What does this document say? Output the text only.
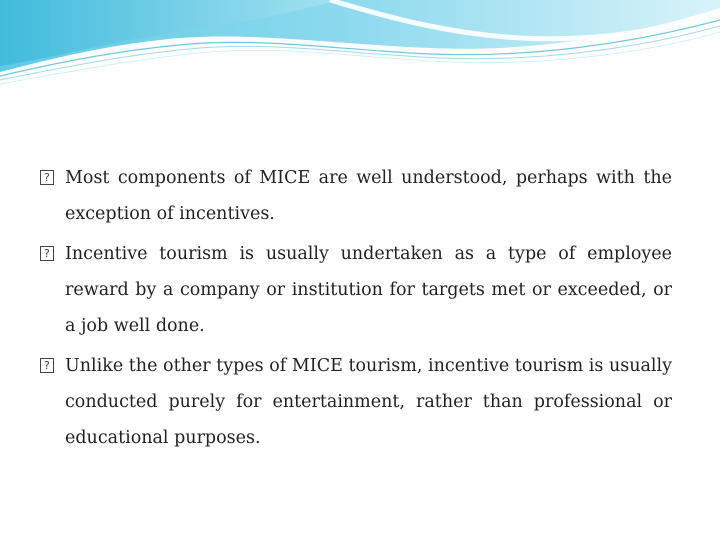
?
Most components of MICE are well understood, perhaps with the exception of incentives.
?
Incentive tourism is usually undertaken as a type of employee reward by a company or institution for targets met or exceeded, or a job well done.
?
Unlike the other types of MICE tourism, incentive tourism is usually conducted purely for entertainment, rather than professional or educational purposes.
